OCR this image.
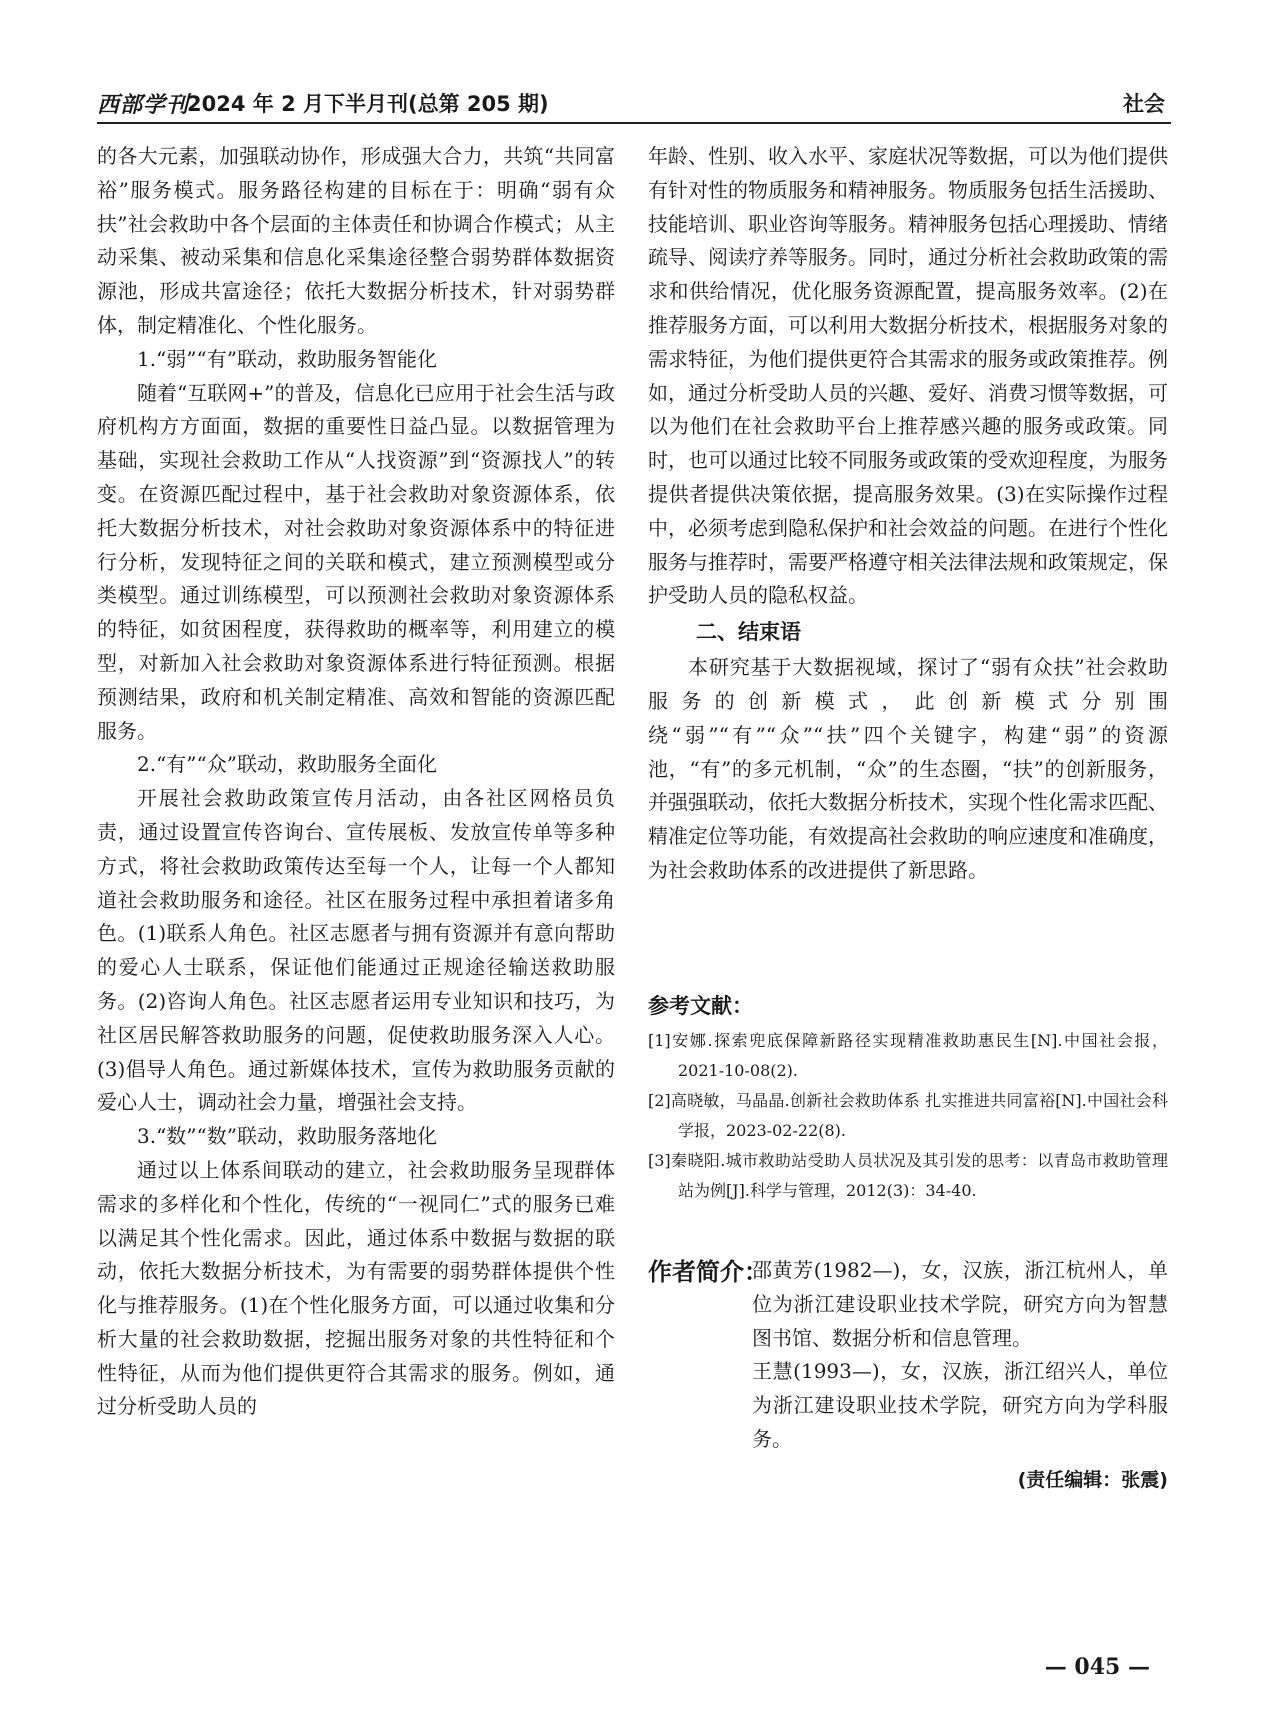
西部学刊
2024 年 2 月下半月刊(总第 205 期)	社会

的各大元素，加强联动协作，形成强大合力，共筑“共同富裕”服务模式。服务路径构建的目标在于：明确“弱有众扶”社会救助中各个层面的主体责任和协调合作模式；从主动采集、被动采集和信息化采集途径整合弱势群体数据资源池，形成共富途径；依托大数据分析技术，针对弱势群体，制定精准化、个性化服务。

1.“弱”“有”联动，救助服务智能化

随着“互联网+”的普及，信息化已应用于社会生活与政府机构方方面面，数据的重要性日益凸显。以数据管理为基础，实现社会救助工作从“人找资源”到“资源找人”的转变。在资源匹配过程中，基于社会救助对象资源体系，依托大数据分析技术，对社会救助对象资源体系中的特征进行分析，发现特征之间的关联和模式，建立预测模型或分类模型。通过训练模型，可以预测社会救助对象资源体系的特征，如贫困程度，获得救助的概率等，利用建立的模型，对新加入社会救助对象资源体系进行特征预测。根据预测结果，政府和机关制定精准、高效和智能的资源匹配服务。

2.“有”“众”联动，救助服务全面化

开展社会救助政策宣传月活动，由各社区网格员负责，通过设置宣传咨询台、宣传展板、发放宣传单等多种方式，将社会救助政策传达至每一个人，让每一个人都知道社会救助服务和途径。社区在服务过程中承担着诸多角色。(1)联系人角色。社区志愿者与拥有资源并有意向帮助的爱心人士联系，保证他们能通过正规途径输送救助服务。(2)咨询人角色。社区志愿者运用专业知识和技巧，为社区居民解答救助服务的问题，促使救助服务深入人心。(3)倡导人角色。通过新媒体技术，宣传为救助服务贡献的爱心人士，调动社会力量，增强社会支持。

3.“数”“数”联动，救助服务落地化

通过以上体系间联动的建立，社会救助服务呈现群体需求的多样化和个性化，传统的“一视同仁”式的服务已难以满足其个性化需求。因此，通过体系中数据与数据的联动，依托大数据分析技术，为有需要的弱势群体提供个性化与推荐服务。(1)在个性化服务方面，可以通过收集和分析大量的社会救助数据，挖掘出服务对象的共性特征和个性特征，从而为他们提供更符合其需求的服务。例如，通过分析受助人员的

年龄、性别、收入水平、家庭状况等数据，可以为他们提供有针对性的物质服务和精神服务。物质服务包括生活援助、技能培训、职业咨询等服务。精神服务包括心理援助、情绪疏导、阅读疗养等服务。同时，通过分析社会救助政策的需求和供给情况，优化服务资源配置，提高服务效率。(2)在推荐服务方面，可以利用大数据分析技术，根据服务对象的需求特征，为他们提供更符合其需求的服务或政策推荐。例如，通过分析受助人员的兴趣、爱好、消费习惯等数据，可以为他们在社会救助平台上推荐感兴趣的服务或政策。同时，也可以通过比较不同服务或政策的受欢迎程度，为服务提供者提供决策依据，提高服务效果。(3)在实际操作过程中，必须考虑到隐私保护和社会效益的问题。在进行个性化服务与推荐时，需要严格遵守相关法律法规和政策规定，保护受助人员的隐私权益。

二、结束语

本研究基于大数据视域，探讨了“弱有众扶”社会救助服务的创新模式，此创新模式分别围绕“弱”“有”“众”“扶”四个关键字，构建“弱”的资源池，“有”的多元机制，“众”的生态圈，“扶”的创新服务，并强强联动，依托大数据分析技术，实现个性化需求匹配、精准定位等功能，有效提高社会救助的响应速度和准确度，为社会救助体系的改进提供了新思路。

参考文献：

[1]安娜.探索兜底保障新路径实现精准救助惠民生[N].中国社会报，2021-10-08(2).

[2]高晓敏，马晶晶.创新社会救助体系 扎实推进共同富裕[N].中国社会科学报，2023-02-22(8).

[3]秦晓阳.城市救助站受助人员状况及其引发的思考：以青岛市救助管理站为例[J].科学与管理，2012(3)：34-40.

作者简介：

邵黄芳(1982—)，女，汉族，浙江杭州人，单位为浙江建设职业技术学院，研究方向为智慧图书馆、数据分析和信息管理。

王慧(1993—)，女，汉族，浙江绍兴人，单位为浙江建设职业技术学院，研究方向为学科服务。

(责任编辑：张震)
— 045 —
